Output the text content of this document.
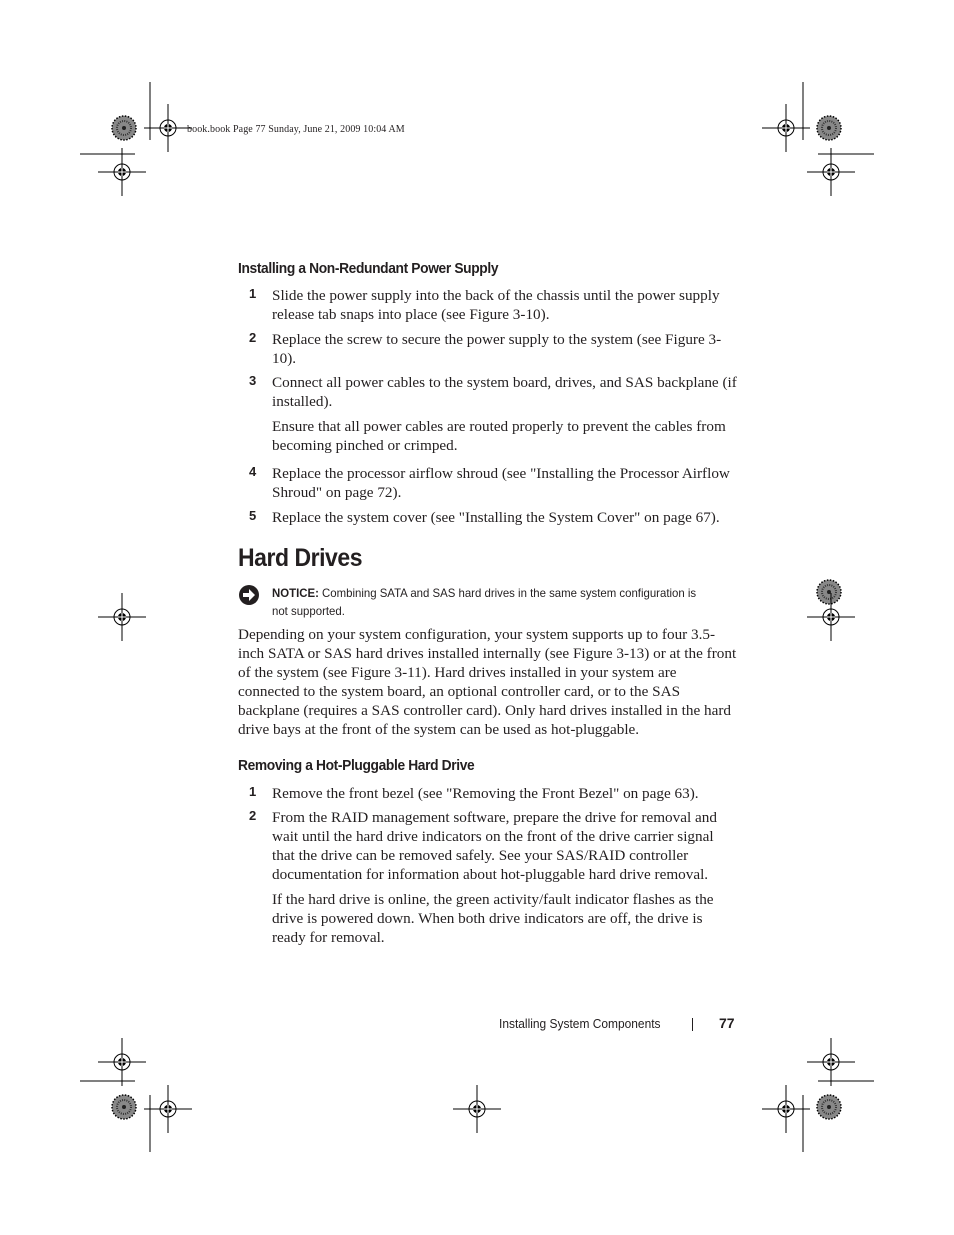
book.book Page 77 Sunday, June 21, 2009 10:04 AM
Installing a Non-Redundant Power Supply
1 Slide the power supply into the back of the chassis until the power supply release tab snaps into place (see Figure 3-10).
2 Replace the screw to secure the power supply to the system (see Figure 3-10).
3 Connect all power cables to the system board, drives, and SAS backplane (if installed).
Ensure that all power cables are routed properly to prevent the cables from becoming pinched or crimped.
4 Replace the processor airflow shroud (see "Installing the Processor Airflow Shroud" on page 72).
5 Replace the system cover (see "Installing the System Cover" on page 67).
Hard Drives
NOTICE: Combining SATA and SAS hard drives in the same system configuration is not supported.
Depending on your system configuration, your system supports up to four 3.5-inch SATA or SAS hard drives installed internally (see Figure 3-13) or at the front of the system (see Figure 3-11). Hard drives installed in your system are connected to the system board, an optional controller card, or to the SAS backplane (requires a SAS controller card). Only hard drives installed in the hard drive bays at the front of the system can be used as hot-pluggable.
Removing a Hot-Pluggable Hard Drive
1 Remove the front bezel (see "Removing the Front Bezel" on page 63).
2 From the RAID management software, prepare the drive for removal and wait until the hard drive indicators on the front of the drive carrier signal that the drive can be removed safely. See your SAS/RAID controller documentation for information about hot-pluggable hard drive removal.
If the hard drive is online, the green activity/fault indicator flashes as the drive is powered down. When both drive indicators are off, the drive is ready for removal.
Installing System Components	77
